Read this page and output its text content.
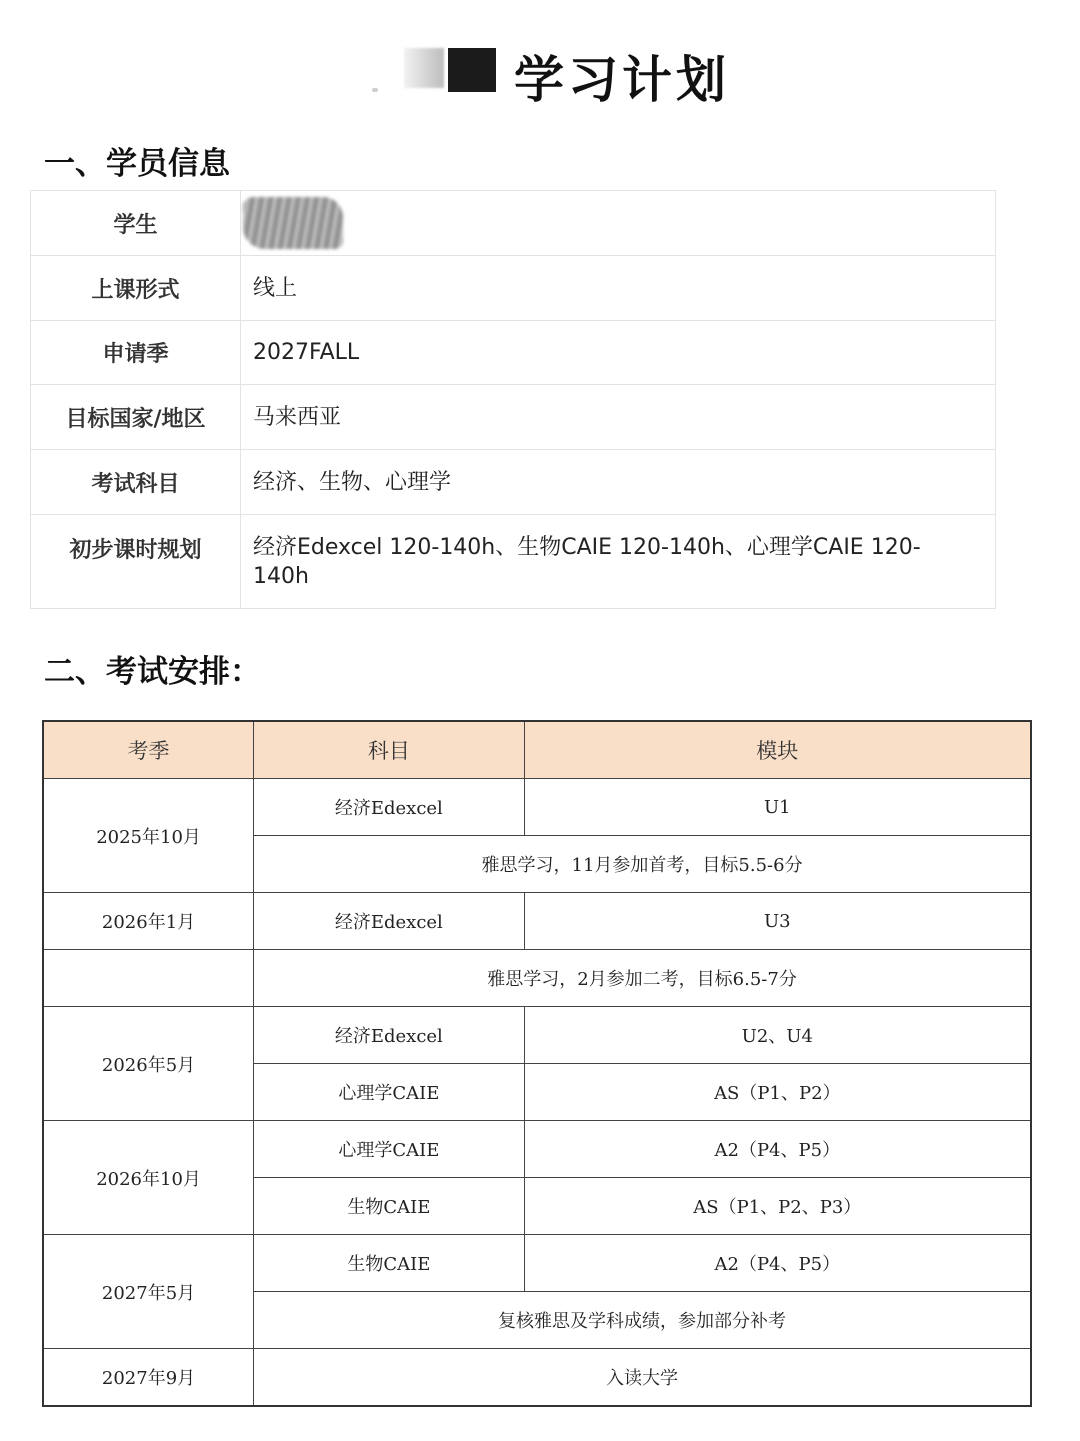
学习计划
一、学员信息
学生	
上课形式	线上
申请季	2027FALL
目标国家/地区	马来西亚
考试科目	经济、生物、心理学
初步课时规划	经济Edexcel 120-140h、生物CAIE 120-140h、心理学CAIE 120-140h
二、考试安排：
考季	科目	模块
2025年10月	经济Edexcel	U1
	雅思学习，11月参加首考，目标5.5-6分	
2026年1月	经济Edexcel	U3
	雅思学习，2月参加二考，目标6.5-7分	
2026年5月	经济Edexcel	U2、U4
	心理学CAIE	AS（P1、P2）
2026年10月	心理学CAIE	A2（P4、P5）
	生物CAIE	AS（P1、P2、P3）
2027年5月	生物CAIE	A2（P4、P5）
	复核雅思及学科成绩，参加部分补考	
2027年9月	入读大学	
